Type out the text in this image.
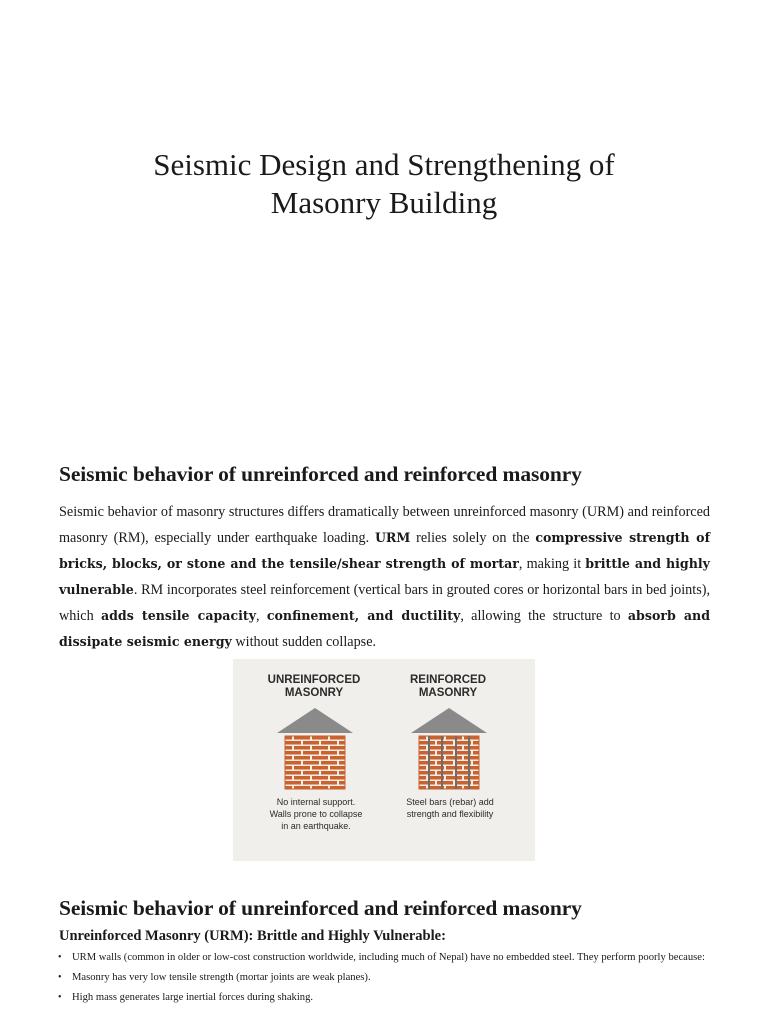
Seismic Design and Strengthening of
Masonry Building
Seismic behavior of unreinforced and reinforced masonry

Seismic behavior of masonry structures differs dramatically between unreinforced masonry (URM) and reinforced masonry (RM), especially under earthquake loading. URM relies solely on the compressive strength of bricks, blocks, or stone and the tensile/shear strength of mortar, making it brittle and highly vulnerable. RM incorporates steel reinforcement (vertical bars in grouted cores or horizontal bars in bed joints), which adds tensile capacity, confinement, and ductility, allowing the structure to absorb and dissipate seismic energy without sudden collapse.

UNREINFORCED
MASONRY
REINFORCED
MASONRY
No internal support.
Walls prone to collapse
in an earthquake.
Steel bars (rebar) add
strength and flexibility
Seismic behavior of unreinforced and reinforced masonry
Unreinforced Masonry (URM): Brittle and Highly Vulnerable:
• URM walls (common in older or low-cost construction worldwide, including much of Nepal) have no embedded steel. They perform poorly because:
• Masonry has very low tensile strength (mortar joints are weak planes).
• High mass generates large inertial forces during shaking.
